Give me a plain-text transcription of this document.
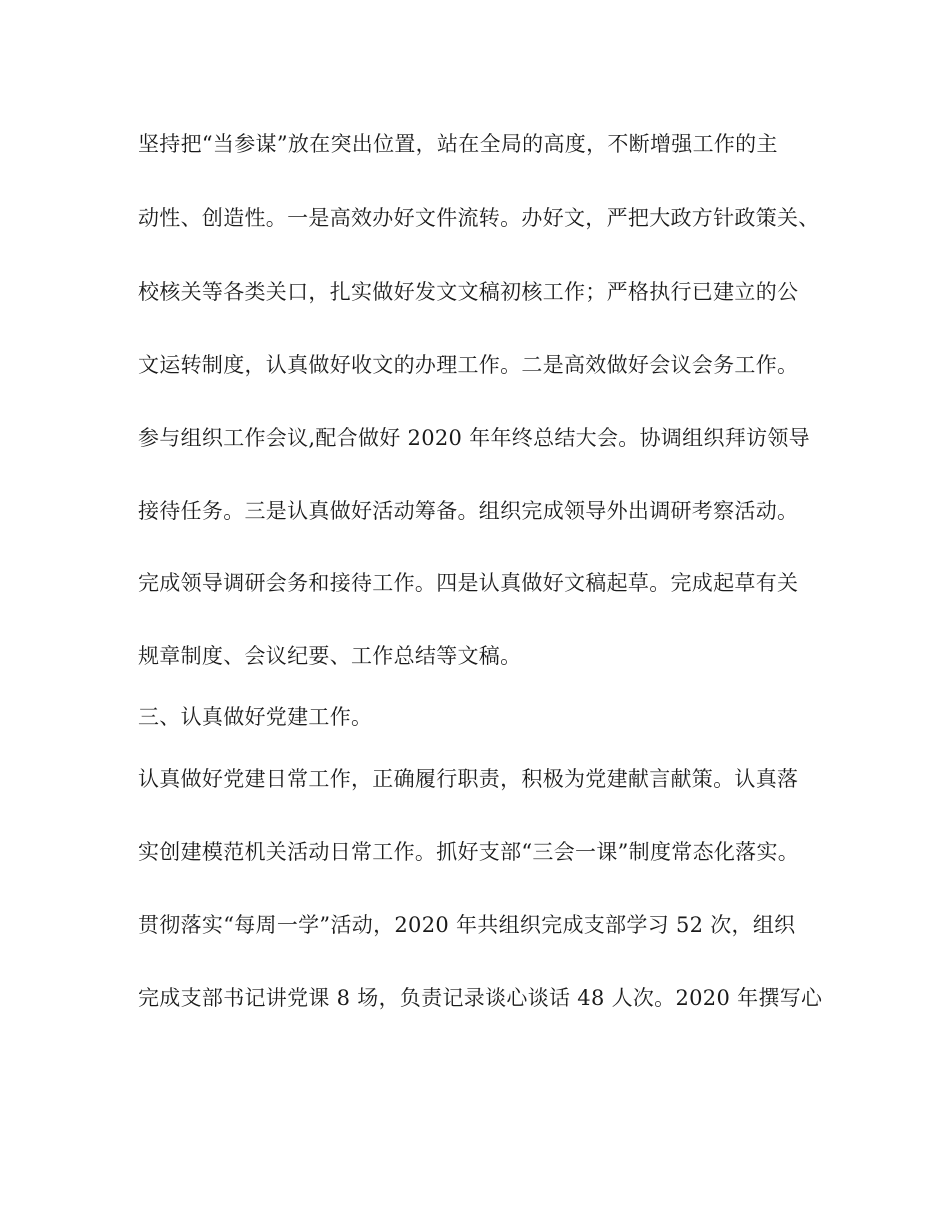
坚持把“当参谋”放在突出位置，站在全局的高度，不断增强工作的主
动性、创造性。一是高效办好文件流转。办好文，严把大政方针政策关、
校核关等各类关口，扎实做好发文文稿初核工作；严格执行已建立的公
文运转制度，认真做好收文的办理工作。二是高效做好会议会务工作。
参与组织工作会议,配合做好 2020 年年终总结大会。协调组织拜访领导
接待任务。三是认真做好活动筹备。组织完成领导外出调研考察活动。
完成领导调研会务和接待工作。四是认真做好文稿起草。完成起草有关
规章制度、会议纪要、工作总结等文稿。
三、认真做好党建工作。
认真做好党建日常工作，正确履行职责，积极为党建献言献策。认真落
实创建模范机关活动日常工作。抓好支部“三会一课”制度常态化落实。
贯彻落实“每周一学”活动，2020 年共组织完成支部学习 52 次，组织
完成支部书记讲党课 8 场，负责记录谈心谈话 48 人次。2020 年撰写心
